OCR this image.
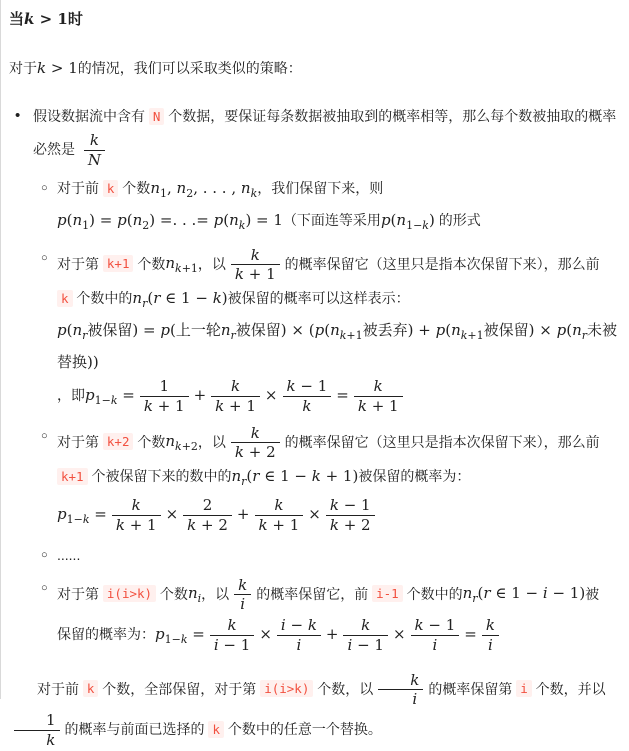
当k > 1时
对于k > 1的情况，我们可以采取类似的策略：
• 假设数据流中含有 N 个数据，要保证每条数据被抽取到的概率相等，那么每个数被抽取的概率
必然是 $\frac{k}{N}$
○ 对于前 k 个数$n_1$, $n_2$, . . . , $n_k$，我们保留下来，则
$p(n_1) = p(n_2)$ =. . .= $p(n_k) = 1$（下面连等采用$p(n_{1-k})$ 的形式
○ 对于第 k+1 个数$n_{k+1}$，以 $\frac{k}{k + 1}$ 的概率保留它（这里只是指本次保留下来），那么前
k 个数中的$n_r(r$ ∈ 1 − k)被保留的概率可以这样表示：
$p(n_r$被保留) = p(上一轮$n_r$被保留) × ($p(n_{k+1}$被丢弃) + $p(n_{k+1}$被保留) × $p(n_r$未被替换))
，即$p_{1-k} = \frac{1}{k + 1} + \frac{k}{k + 1} \times \frac{k - 1}{k} = \frac{k}{k + 1}$
○ 对于第 k+2 个数$n_{k+2}$，以 $\frac{k}{k + 2}$ 的概率保留它（这里只是指本次保留下来），那么前
k+1 个被保留下来的数中的$n_r(r$ ∈ 1 − k + 1)被保留的概率为：
$p_{1-k} = \frac{k}{k + 1} \times \frac{2}{k + 2} + \frac{k}{k + 1} \times \frac{k - 1}{k + 2}$
○ ......
○ 对于第 i(i>k) 个数$n_i$，以 $\frac{k}{i}$ 的概率保留它，前 i-1 个数中的$n_r(r$ ∈ 1 − i − 1)被
保留的概率为：$p_{1-k} = \frac{k}{i - 1} \times \frac{i - k}{i} + \frac{k}{i - 1} \times \frac{k - 1}{i} = \frac{k}{i}$
对于前 k 个数，全部保留，对于第 i(i>k) 个数，以 $\frac{k}{i}$ 的概率保留第 i 个数，并以
$\frac{1}{k}$ 的概率与前面已选择的 k 个数中的任意一个替换。
